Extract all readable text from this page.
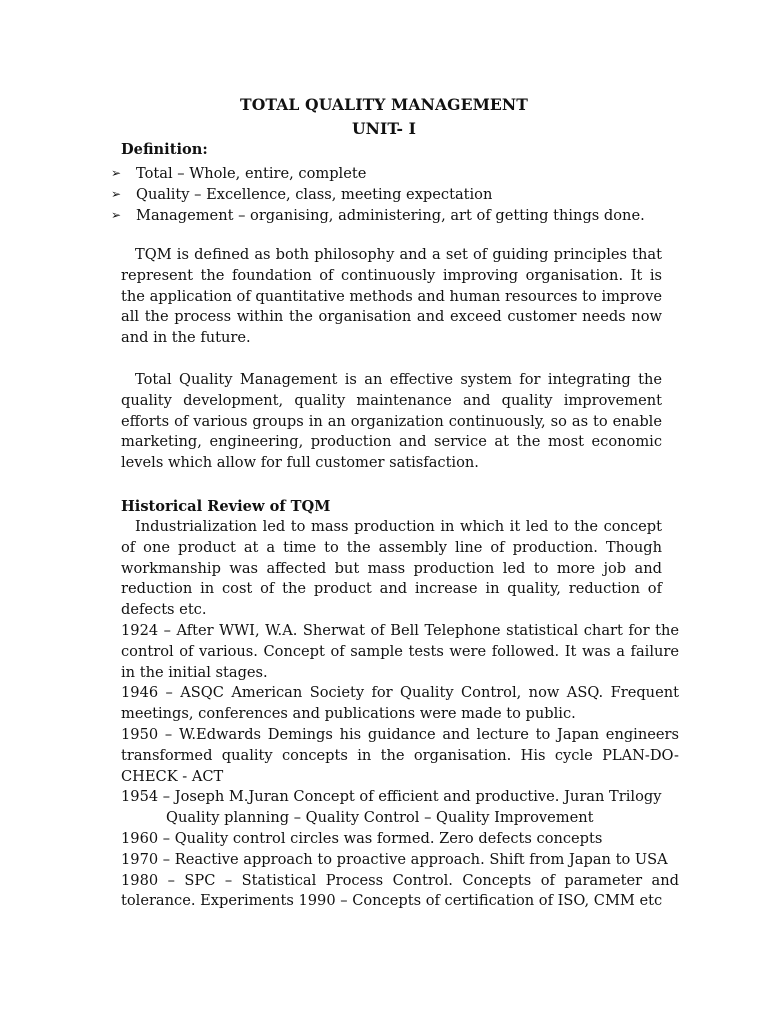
TOTAL QUALITY MANAGEMENT
UNIT- I
Definition:
➢ Total – Whole, entire, complete
➢ Quality – Excellence, class, meeting expectation
➢ Management – organising, administering, art of getting things done.

TQM is defined as both philosophy and a set of guiding principles that represent the foundation of continuously improving organisation. It is the application of quantitative methods and human resources to improve all the process within the organisation and exceed customer needs now and in the future.

Total Quality Management is an effective system for integrating the quality development, quality maintenance and quality improvement efforts of various groups in an organization continuously, so as to enable marketing, engineering, production and service at the most economic levels which allow for full customer satisfaction.

Historical Review of TQM

Industrialization led to mass production in which it led to the concept of one product at a time to the assembly line of production. Though workmanship was affected but mass production led to more job and reduction in cost of the product and increase in quality, reduction of defects etc.

1924 – After WWI, W.A. Sherwat of Bell Telephone statistical chart for the control of various. Concept of sample tests were followed. It was a failure in the initial stages.

1946 – ASQC American Society for Quality Control, now ASQ. Frequent meetings, conferences and publications were made to public.

1950 – W.Edwards Demings his guidance and lecture to Japan engineers transformed quality concepts in the organisation. His cycle PLAN-DO-CHECK - ACT

1954 – Joseph M.Juran Concept of efficient and productive. Juran Trilogy

Quality planning – Quality Control – Quality Improvement

1960 – Quality control circles was formed. Zero defects concepts

1970 – Reactive approach to proactive approach. Shift from Japan to USA

1980 – SPC – Statistical Process Control. Concepts of parameter and tolerance. Experiments 1990 – Concepts of certification of ISO, CMM etc
